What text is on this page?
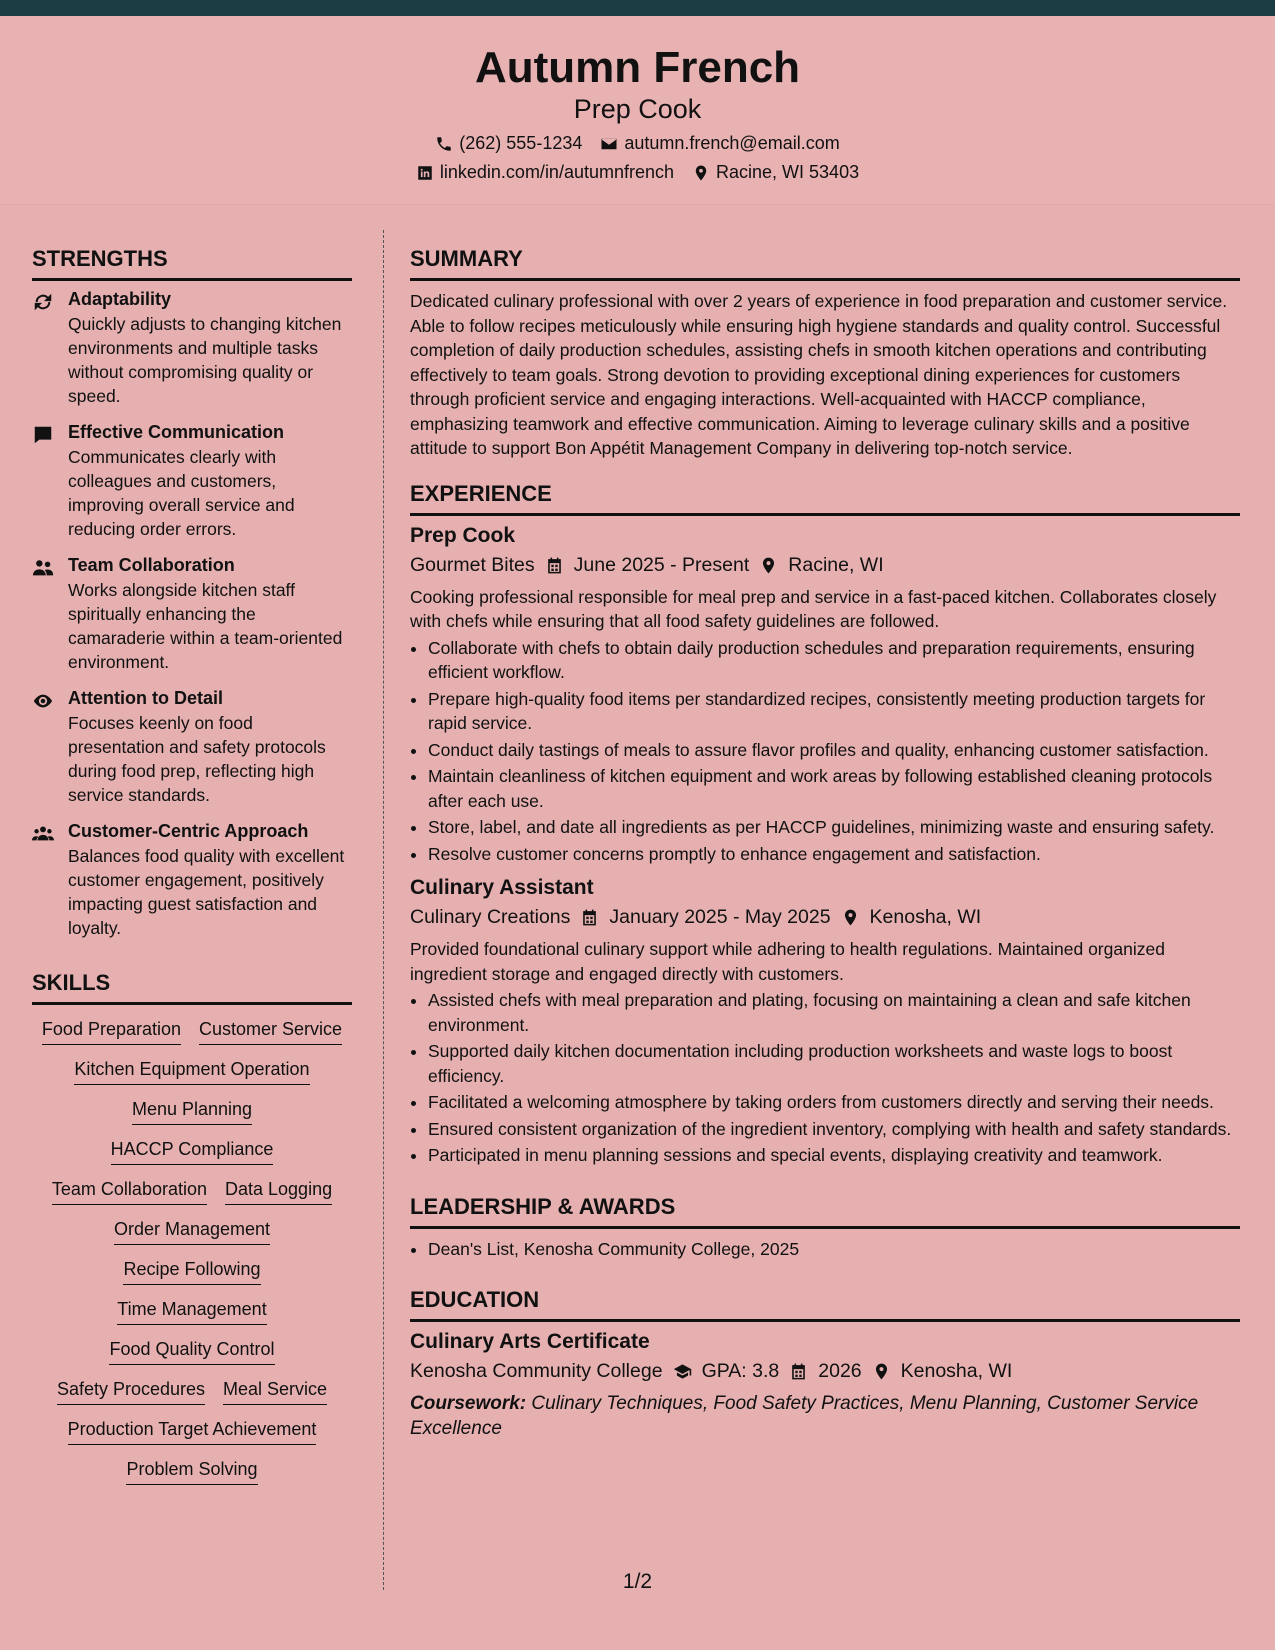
Autumn French
Prep Cook
(262) 555-1234 autumn.french@email.com
linkedin.com/in/autumnfrench Racine, WI 53403
STRENGTHS
Adaptability
Quickly adjusts to changing kitchen environments and multiple tasks without compromising quality or speed.
Effective Communication
Communicates clearly with colleagues and customers, improving overall service and reducing order errors.
Team Collaboration
Works alongside kitchen staff spiritually enhancing the camaraderie within a team-oriented environment.
Attention to Detail
Focuses keenly on food presentation and safety protocols during food prep, reflecting high service standards.
Customer-Centric Approach
Balances food quality with excellent customer engagement, positively impacting guest satisfaction and loyalty.
SKILLS
Food Preparation Customer Service
Kitchen Equipment Operation
Menu Planning
HACCP Compliance
Team Collaboration Data Logging
Order Management
Recipe Following
Time Management
Food Quality Control
Safety Procedures Meal Service
Production Target Achievement
Problem Solving
SUMMARY
Dedicated culinary professional with over 2 years of experience in food preparation and customer service. Able to follow recipes meticulously while ensuring high hygiene standards and quality control. Successful completion of daily production schedules, assisting chefs in smooth kitchen operations and contributing effectively to team goals. Strong devotion to providing exceptional dining experiences for customers through proficient service and engaging interactions. Well-acquainted with HACCP compliance, emphasizing teamwork and effective communication. Aiming to leverage culinary skills and a positive attitude to support Bon Appétit Management Company in delivering top-notch service.
EXPERIENCE
Prep Cook
Gourmet Bites June 2025 - Present Racine, WI
Cooking professional responsible for meal prep and service in a fast-paced kitchen. Collaborates closely with chefs while ensuring that all food safety guidelines are followed.
• Collaborate with chefs to obtain daily production schedules and preparation requirements, ensuring efficient workflow.
• Prepare high-quality food items per standardized recipes, consistently meeting production targets for rapid service.
• Conduct daily tastings of meals to assure flavor profiles and quality, enhancing customer satisfaction.
• Maintain cleanliness of kitchen equipment and work areas by following established cleaning protocols after each use.
• Store, label, and date all ingredients as per HACCP guidelines, minimizing waste and ensuring safety.
• Resolve customer concerns promptly to enhance engagement and satisfaction.
Culinary Assistant
Culinary Creations January 2025 - May 2025 Kenosha, WI
Provided foundational culinary support while adhering to health regulations. Maintained organized ingredient storage and engaged directly with customers.
• Assisted chefs with meal preparation and plating, focusing on maintaining a clean and safe kitchen environment.
• Supported daily kitchen documentation including production worksheets and waste logs to boost efficiency.
• Facilitated a welcoming atmosphere by taking orders from customers directly and serving their needs.
• Ensured consistent organization of the ingredient inventory, complying with health and safety standards.
• Participated in menu planning sessions and special events, displaying creativity and teamwork.
LEADERSHIP & AWARDS
• Dean's List, Kenosha Community College, 2025
EDUCATION
Culinary Arts Certificate
Kenosha Community College GPA: 3.8 2026 Kenosha, WI
Coursework: Culinary Techniques, Food Safety Practices, Menu Planning, Customer Service Excellence
1/2
